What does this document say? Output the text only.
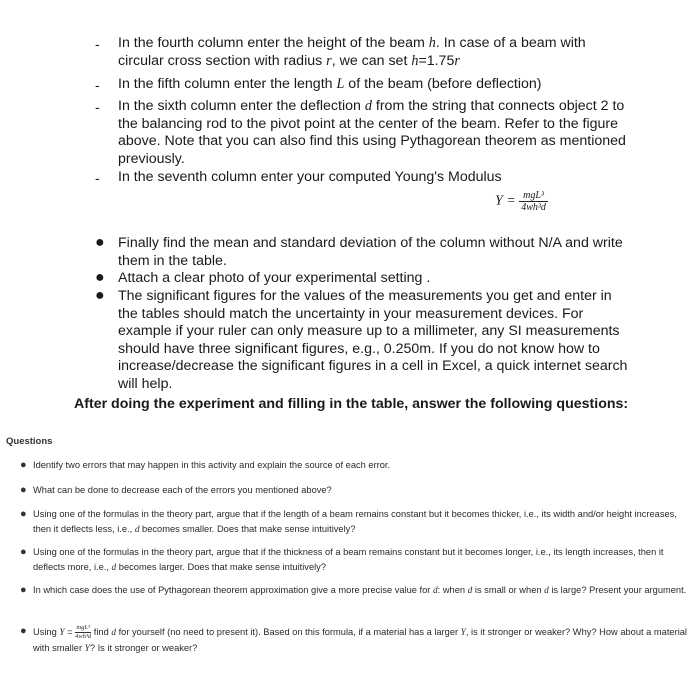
- In the fourth column enter the height of the beam h. In case of a beam with circular cross section with radius r, we can set h=1.75r
- In the fifth column enter the length L of the beam (before deflection)
- In the sixth column enter the deflection d from the string that connects object 2 to the balancing rod to the pivot point at the center of the beam. Refer to the figure above. Note that you can also find this using Pythagorean theorem as mentioned previously.
- In the seventh column enter your computed Young's Modulus
$Y = \frac{\text{mgL³}}{\text{4wh³d}}$
● Finally find the mean and standard deviation of the column without N/A and write them in the table.
● Attach a clear photo of your experimental setting .
● The significant figures for the values of the measurements you get and enter in the tables should match the uncertainty in your measurement devices. For example if your ruler can only measure up to a millimeter, any SI measurements should have three significant figures, e.g., 0.250m. If you do not know how to increase/decrease the significant figures in a cell in Excel, a quick internet search will help.
After doing the experiment and filling in the table, answer the following questions:
Questions
● Identify two errors that may happen in this activity and explain the source of each error.
● What can be done to decrease each of the errors you mentioned above?
● Using one of the formulas in the theory part, argue that if the length of a beam remains constant but it becomes thicker, i.e., its width and/or height increases, then it deflects less, i.e., d becomes smaller. Does that make sense intuitively?
● Using one of the formulas in the theory part, argue that if the thickness of a beam remains constant but it becomes longer, i.e., its length increases, then it deflects more, i.e., d becomes larger. Does that make sense intuitively?
● In which case does the use of Pythagorean theorem approximation give a more precise value for d: when d is small or when d is large? Present your argument.
● Using $Y = \frac{\text{mgL³}}{\text{4wh³d}}$ find d for yourself (no need to present it). Based on this formula, if a material has a larger Y, is it stronger or weaker? Why? How about a material with smaller Y? Is it stronger or weaker?
